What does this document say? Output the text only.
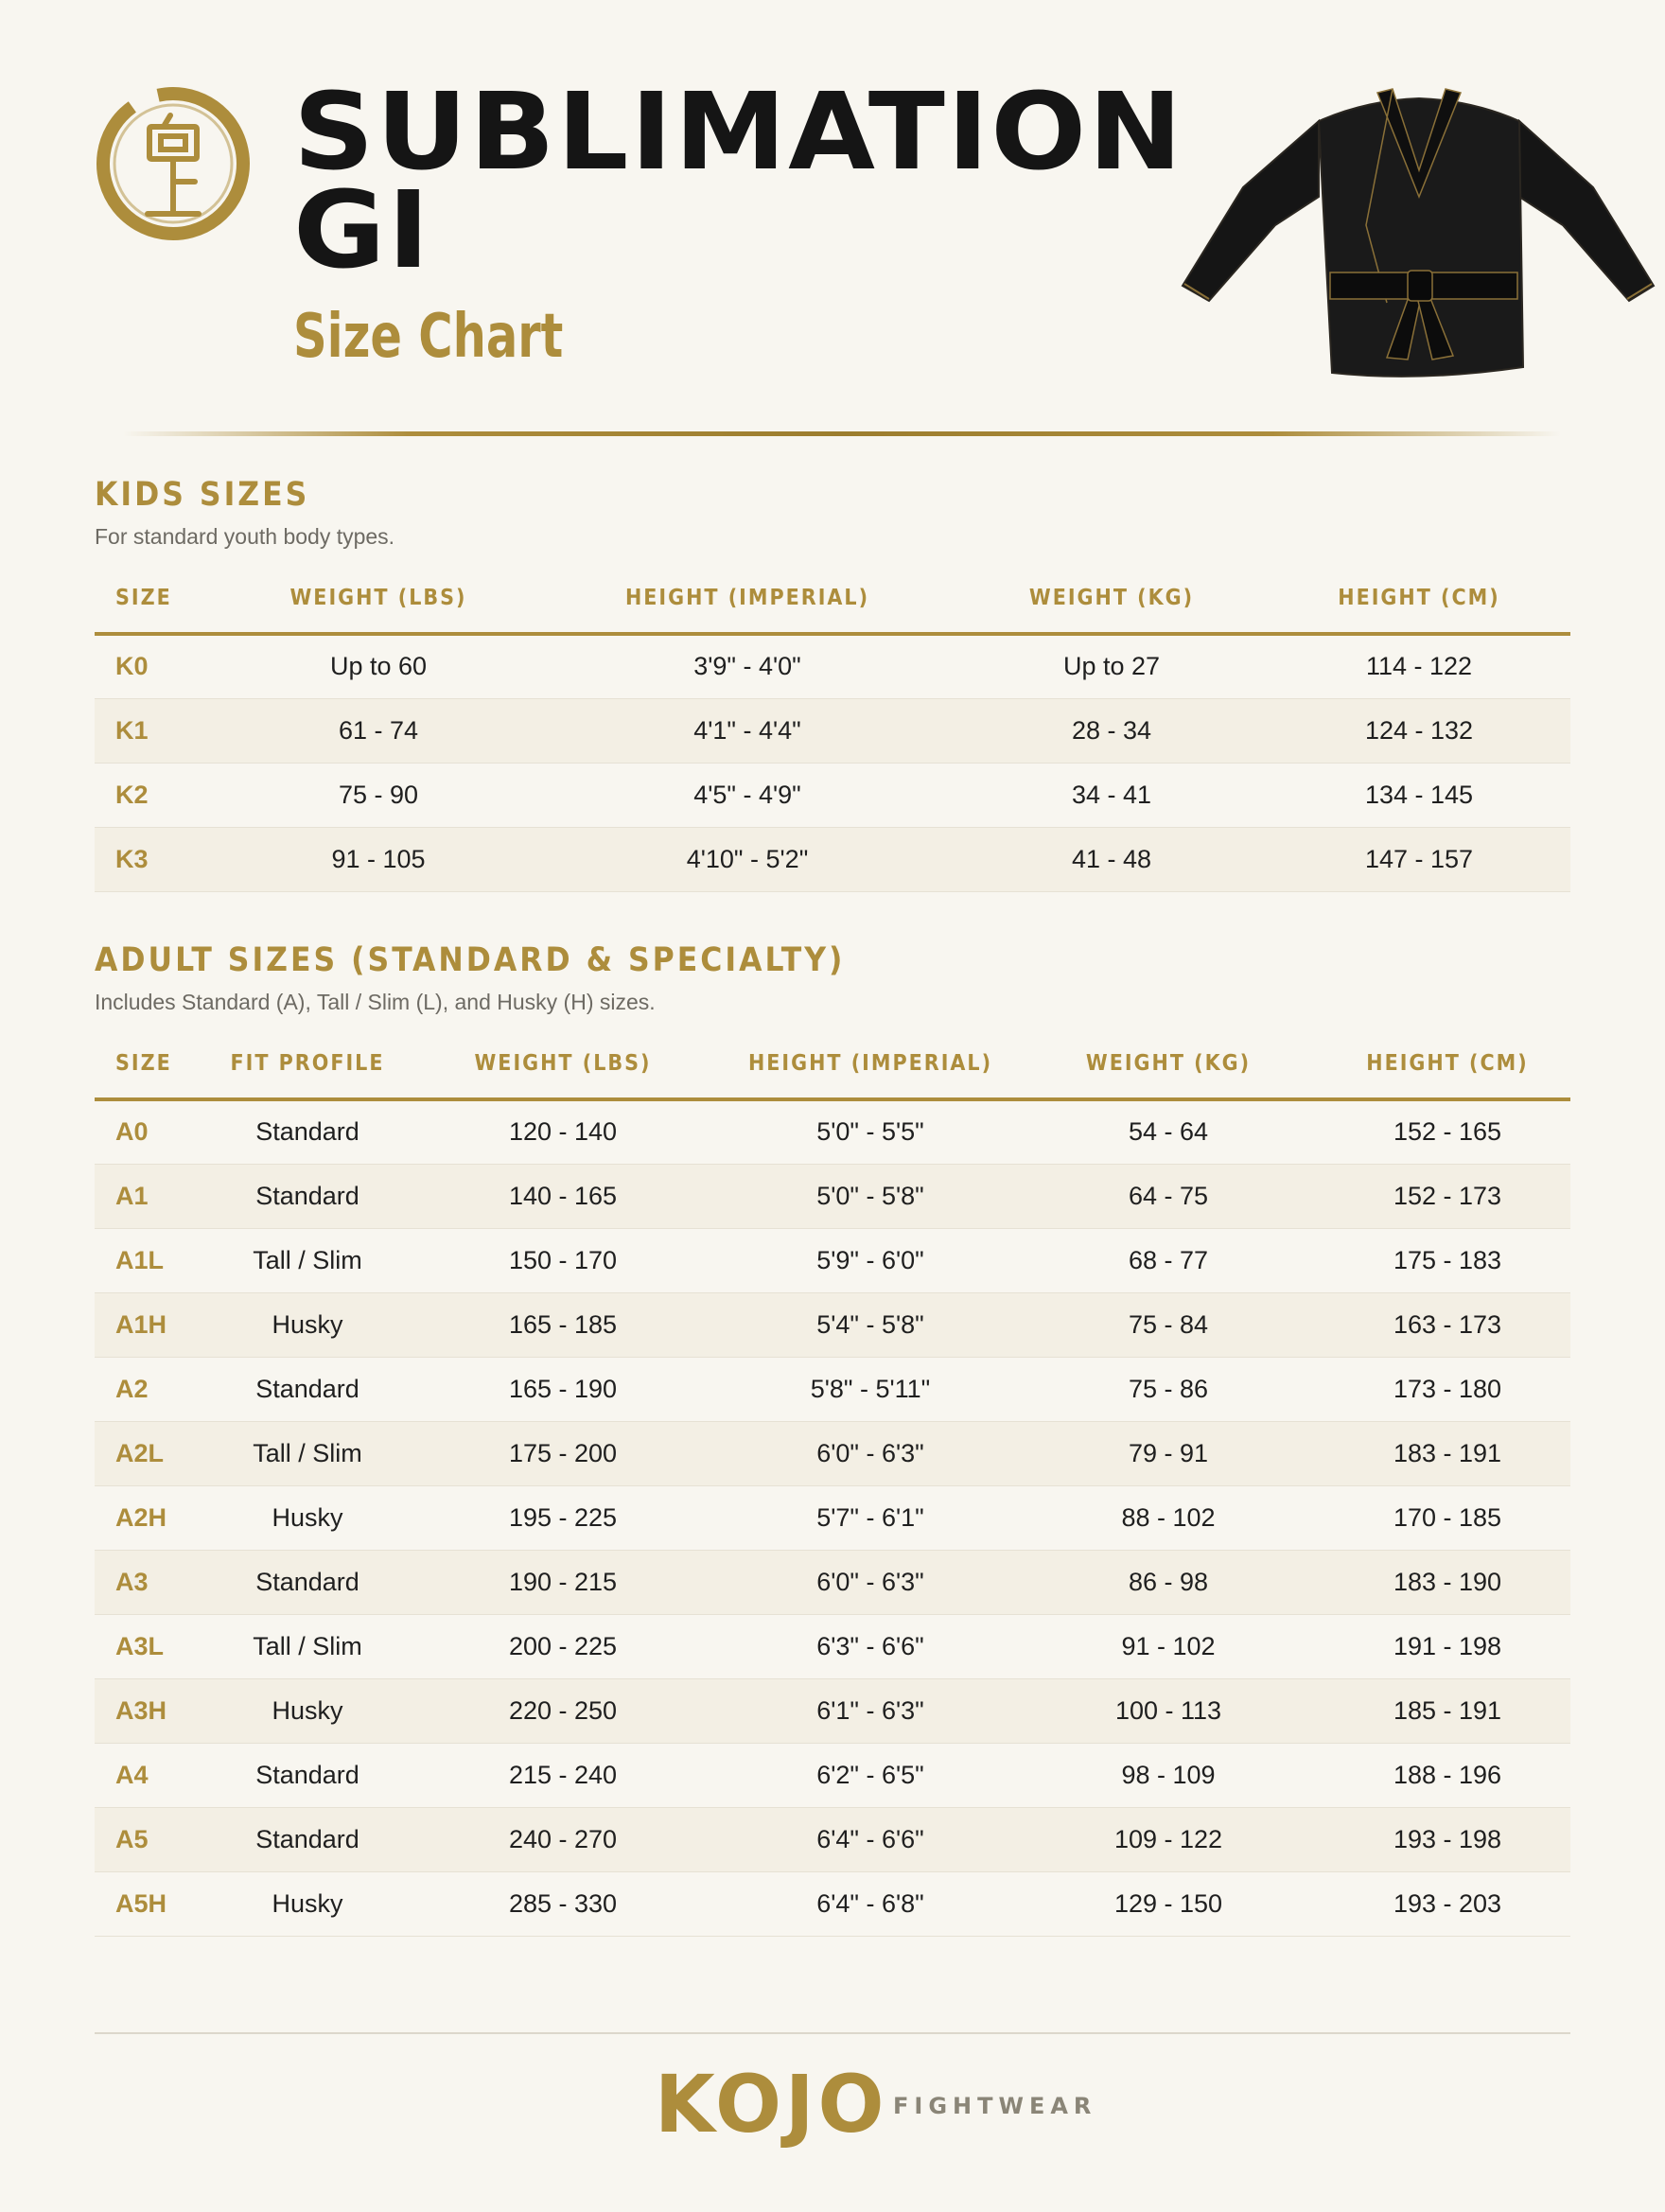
SUBLIMATION
GI
Size Chart
KIDS SIZES
For standard youth body types.
SIZE	WEIGHT (LBS)	HEIGHT (IMPERIAL)	WEIGHT (KG)	HEIGHT (CM)
K0	Up to 60	3'9" - 4'0"	Up to 27	114 - 122
K1	61 - 74	4'1" - 4'4"	28 - 34	124 - 132
K2	75 - 90	4'5" - 4'9"	34 - 41	134 - 145
K3	91 - 105	4'10" - 5'2"	41 - 48	147 - 157
ADULT SIZES (STANDARD & SPECIALTY)
Includes Standard (A), Tall / Slim (L), and Husky (H) sizes.
SIZE	FIT PROFILE	WEIGHT (LBS)	HEIGHT (IMPERIAL)	WEIGHT (KG)	HEIGHT (CM)
A0	Standard	120 - 140	5'0" - 5'5"	54 - 64	152 - 165
A1	Standard	140 - 165	5'0" - 5'8"	64 - 75	152 - 173
A1L	Tall / Slim	150 - 170	5'9" - 6'0"	68 - 77	175 - 183
A1H	Husky	165 - 185	5'4" - 5'8"	75 - 84	163 - 173
A2	Standard	165 - 190	5'8" - 5'11"	75 - 86	173 - 180
A2L	Tall / Slim	175 - 200	6'0" - 6'3"	79 - 91	183 - 191
A2H	Husky	195 - 225	5'7" - 6'1"	88 - 102	170 - 185
A3	Standard	190 - 215	6'0" - 6'3"	86 - 98	183 - 190
A3L	Tall / Slim	200 - 225	6'3" - 6'6"	91 - 102	191 - 198
A3H	Husky	220 - 250	6'1" - 6'3"	100 - 113	185 - 191
A4	Standard	215 - 240	6'2" - 6'5"	98 - 109	188 - 196
A5	Standard	240 - 270	6'4" - 6'6"	109 - 122	193 - 198
A5H	Husky	285 - 330	6'4" - 6'8"	129 - 150	193 - 203
KOJO FIGHTWEAR
